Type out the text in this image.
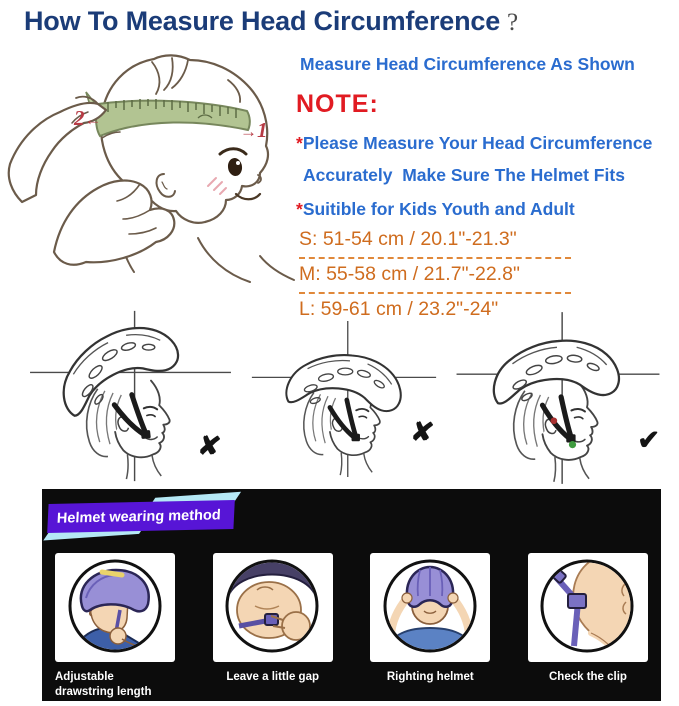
How To Measure Head Circumference ?
2←
→1

Measure Head Circumference As Shown

NOTE:

*Please Measure Your Head Circumference

Accurately  Make Sure The Helmet Fits

*Suitible for Kids Youth and Adult

S: 51-54 cm / 20.1"-21.3"

M: 55-58 cm / 21.7"-22.8"

L: 59-61 cm / 23.2"-24"

✘	✘	✔
Helmet wearing method
Adjustable drawstring length
Leave a little gap	Righting helmet	Check the clip
